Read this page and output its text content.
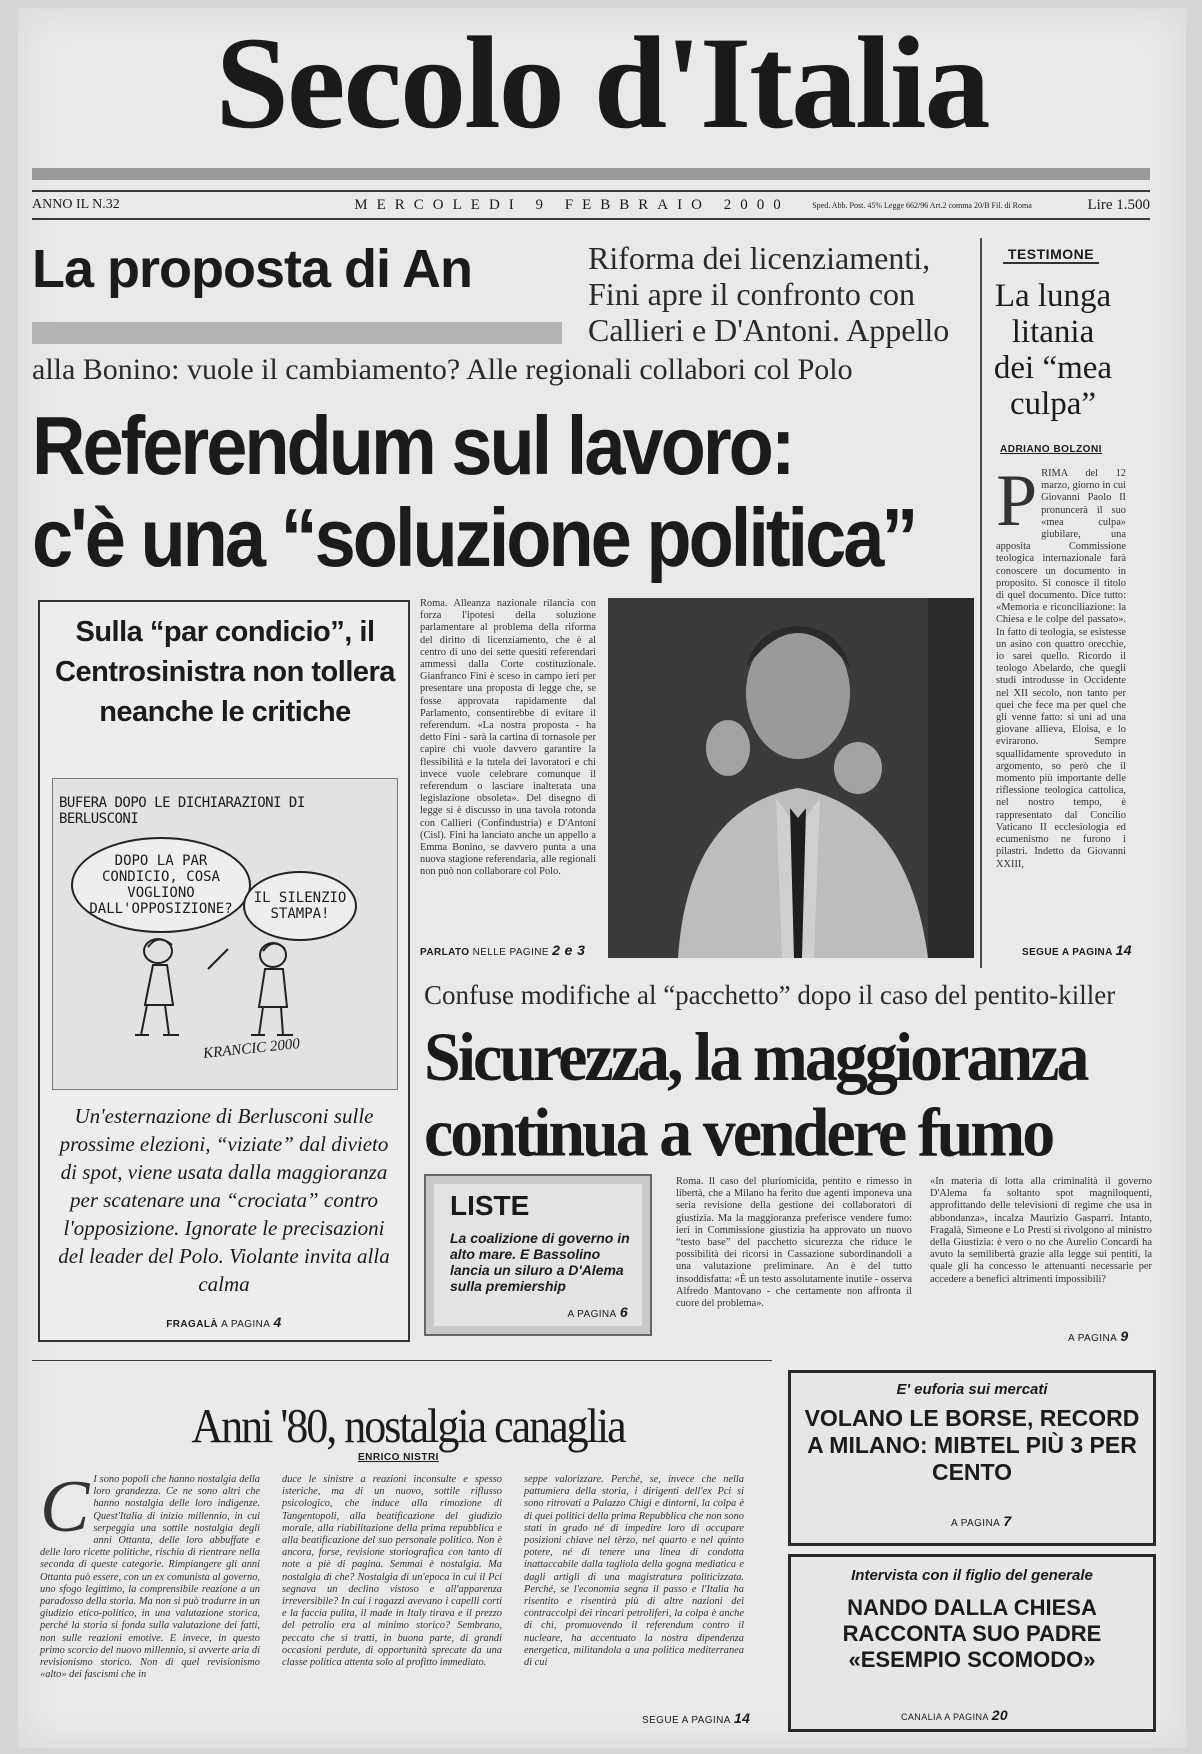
Secolo d'Italia
ANNO IL N.32	MERCOLEDI 9 FEBBRAIO 2000	Sped. Abb. Post. 45% Legge 662/96 Art.2 comma 20/B Fil. di Roma	Lire 1.500
La proposta di An	Riforma dei licenziamenti, Fini apre il confronto con Callieri e D'Antoni. Appello
alla Bonino: vuole il cambiamento? Alle regionali collabori col Polo
Referendum sul lavoro:
c'è una “soluzione politica”
TESTIMONE
La lunga litania dei “mea culpa”
ADRIANO BOLZONI
PRIMA del 12 marzo, giorno in cui Giovanni Paolo II pronuncerà il suo «mea culpa» giubilare, una apposita Commissione teologica internazionale farà conoscere un documento in proposito. Si conosce il titolo di quel documento. Dice tutto: «Memoria e riconciliazione: la Chiesa e le colpe del passato». In fatto di teologia, se esistesse un asino con quattro orecchie, io sarei quello. Ricordo il teologo Abelardo, che quegli studi introdusse in Occidente nel XII secolo, non tanto per quei che fece ma per quel che gli venne fatto: si unì ad una giovane allieva, Eloisa, e lo evirarono. Sempre squallidamente sproveduto in argomento, so però che il momento più importante delle riflessione teologica cattolica, nel nostro tempo, è rappresentato dal Concilio Vaticano II ecclesiologia ed ecumenismo ne furono i pilastri. Indetto da Giovanni XXIII,
SEGUE A PAGINA 14
Sulla “par condicio”, il Centrosinistra non tollera neanche le critiche
BUFERA DOPO LE DICHIARAZIONI DI BERLUSCONI
DOPO LA PAR CONDICIO, COSA VOGLIONO DALL'OPPOSIZIONE?
IL SILENZIO STAMPA!
KRANCIC 2000
Un'esternazione di Berlusconi sulle prossime elezioni, “viziate” dal divieto di spot, viene usata dalla maggioranza per scatenare una “crociata” contro l'opposizione. Ignorate le precisazioni del leader del Polo. Violante invita alla calma
FRAGALÀ A PAGINA 4
Roma. Alleanza nazionale rilancia con forza l'ipotesi della soluzione parlamentare al problema della riforma del diritto di licenziamento, che è al centro di uno dei sette quesiti referendari ammessi dalla Corte costituzionale. Gianfranco Fini è sceso in campo ieri per presentare una proposta di legge che, se fosse approvata rapidamente dal Parlamento, consentirebbe di evitare il referendum. «La nostra proposta - ha detto Fini - sarà la cartina di tornasole per capire chi vuole davvero garantire la flessibilità e la tutela dei lavoratori e chi invece vuole celebrare comunque il referendum o lasciare inalterata una legislazione obsoleta». Del disegno di legge si è discusso in una tavola rotonda con Callieri (Confindustria) e D'Antoni (Cisl). Fini ha lanciato anche un appello a Emma Bonino, se davvero punta a una nuova stagione referendaria, alle regionali non può non collaborare col Polo.
PARLATO NELLE PAGINE 2 e 3
Confuse modifiche al “pacchetto” dopo il caso del pentito-killer
Sicurezza, la maggioranza continua a vendere fumo
LISTE
La coalizione di governo in alto mare. E Bassolino lancia un siluro a D'Alema sulla premiership
A PAGINA 6
Roma. Il caso del pluriomicida, pentito e rimesso in libertà, che a Milano ha ferito due agenti imponeva una seria revisione della gestione dei collaboratori di giustizia. Ma la maggioranza preferisce vendere fumo: ieri in Commissione giustizia ha approvato un nuovo “testo base” del pacchetto sicurezza che riduce le possibilità dei ricorsi in Cassazione subordinandoli a una valutazione preliminare. An è del tutto insoddisfatta: «È un testo assolutamente inutile - osserva Alfredo Mantovano - che certamente non affronta il cuore del problema».
«In materia di lotta alla criminalità il governo D'Alema fa soltanto spot magniloquenti, approfittando delle televisioni di regime che usa in abbondanza», incalza Maurizio Gasparri. Intanto, Fragalà, Simeone e Lo Presti si rivolgono al ministro della Giustizia: è vero o no che Aurelio Concardi ha avuto la semilibertà grazie alla legge sui pentiti, la quale gli ha concesso le attenuanti necessarie per accedere a benefici altrimenti impossibili?
A PAGINA 9
Anni '80, nostalgia canaglia
ENRICO NISTRI
C I sono popoli che hanno nostalgia della loro grandezza. Ce ne sono altri che hanno nostalgia delle loro indigenze. Quest'Italia di inizio millennio, in cui serpeggia una sottile nostalgia degli anni Ottanta, delle loro abbuffate e delle loro ricette politiche, rischia di rientrare nella seconda di queste categorie. Rimpiangere gli anni Ottanta può essere, con un ex comunista al governo, uno sfogo legittimo, la comprensibile reazione a un paradosso della storia. Ma non si può tradurre in un giudizio etico-politico, in una valutazione storica, perché la storia si fonda sulla valutazione dei fatti, non sulle reazioni emotive. E invece, in questo primo scorcio del nuovo millennio, si avverte aria di revisionismo storico. Non di quel revisionismo «alto» dei fascismi che in
duce le sinistre a reazioni inconsulte e spesso isteriche, ma di un nuovo, sottile riflusso psicologico, che induce alla rimozione di Tangentopoli, alla beatificazione del giudizio morale, alla riabilitazione della prima repubblica e alla beatificazione del suo personale politico. Non è ancora, forse, revisione storiografica con tanto di note a piè di pagina. Semmai è nostalgia. Ma nostalgia di che? Nostalgia di un'epoca in cui il Pci segnava un declino vistoso e all'apparenza irreversibile? In cui i ragazzi avevano i capelli corti e la faccia pulita, il made in Italy tirava e il prezzo del petrolio era al minimo storico? Sembrano, peccato che si tratti, in buona parte, di grandi occasioni perdute, di opportunità sprecate da una classe politica attenta solo al profitto immediato.
seppe valorizzare. Perché, se, invece che nella pattumiera della storia, i dirigenti dell'ex Pci si sono ritrovati a Palazzo Chigi e dintorni, la colpa è di quei politici della prima Repubblica che non sono stati in grado né di impedire loro di occupare posizioni chiave nel tèrzo, nel quarto e nel quinto potere, né di tenere una linea di condotta inattaccabile dalla tagliola della gogna mediatica e dagli artigli di una magistratura politicizzata. Perché, se l'economia segna il passo e l'Italia ha risentito e risentirà più di altre nazioni dei contraccolpi dei rincari petroliferi, la colpa è anche di chi, promuovendo il referendum contro il nucleare, ha accentuato la nostra dipendenza energetica, militandola a una politica mediterranea di cui
SEGUE A PAGINA 14
E' euforia sui mercati
VOLANO LE BORSE, RECORD A MILANO: MIBTEL PIÙ 3 PER CENTO
A PAGINA 7
Intervista con il figlio del generale
NANDO DALLA CHIESA RACCONTA SUO PADRE «ESEMPIO SCOMODO»
CANALIA A PAGINA 20
